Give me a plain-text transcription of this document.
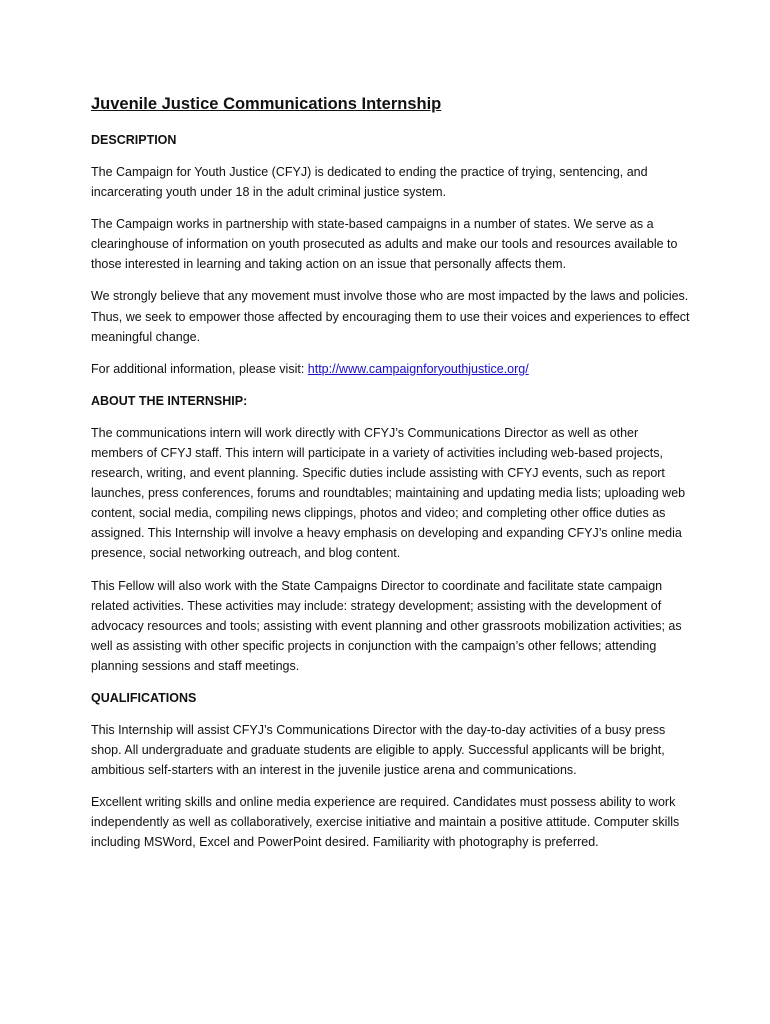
Juvenile Justice Communications Internship
DESCRIPTION

The Campaign for Youth Justice (CFYJ) is dedicated to ending the practice of trying, sentencing, and incarcerating youth under 18 in the adult criminal justice system.

The Campaign works in partnership with state-based campaigns in a number of states. We serve as a clearinghouse of information on youth prosecuted as adults and make our tools and resources available to those interested in learning and taking action on an issue that personally affects them.

We strongly believe that any movement must involve those who are most impacted by the laws and policies. Thus, we seek to empower those affected by encouraging them to use their voices and experiences to effect meaningful change.

For additional information, please visit: http://www.campaignforyouthjustice.org/

ABOUT THE INTERNSHIP:

The communications intern will work directly with CFYJ’s Communications Director as well as other members of CFYJ staff. This intern will participate in a variety of activities including web-based projects, research, writing, and event planning. Specific duties include assisting with CFYJ events, such as report launches, press conferences, forums and roundtables; maintaining and updating media lists; uploading web content, social media, compiling news clippings, photos and video; and completing other office duties as assigned. This Internship will involve a heavy emphasis on developing and expanding CFYJ’s online media presence, social networking outreach, and blog content.

This Fellow will also work with the State Campaigns Director to coordinate and facilitate state campaign related activities. These activities may include: strategy development; assisting with the development of advocacy resources and tools; assisting with event planning and other grassroots mobilization activities; as well as assisting with other specific projects in conjunction with the campaign’s other fellows; attending planning sessions and staff meetings.

QUALIFICATIONS

This Internship will assist CFYJ’s Communications Director with the day-to-day activities of a busy press shop. All undergraduate and graduate students are eligible to apply. Successful applicants will be bright, ambitious self-starters with an interest in the juvenile justice arena and communications.

Excellent writing skills and online media experience are required. Candidates must possess ability to work independently as well as collaboratively, exercise initiative and maintain a positive attitude. Computer skills including MSWord, Excel and PowerPoint desired. Familiarity with photography is preferred.
